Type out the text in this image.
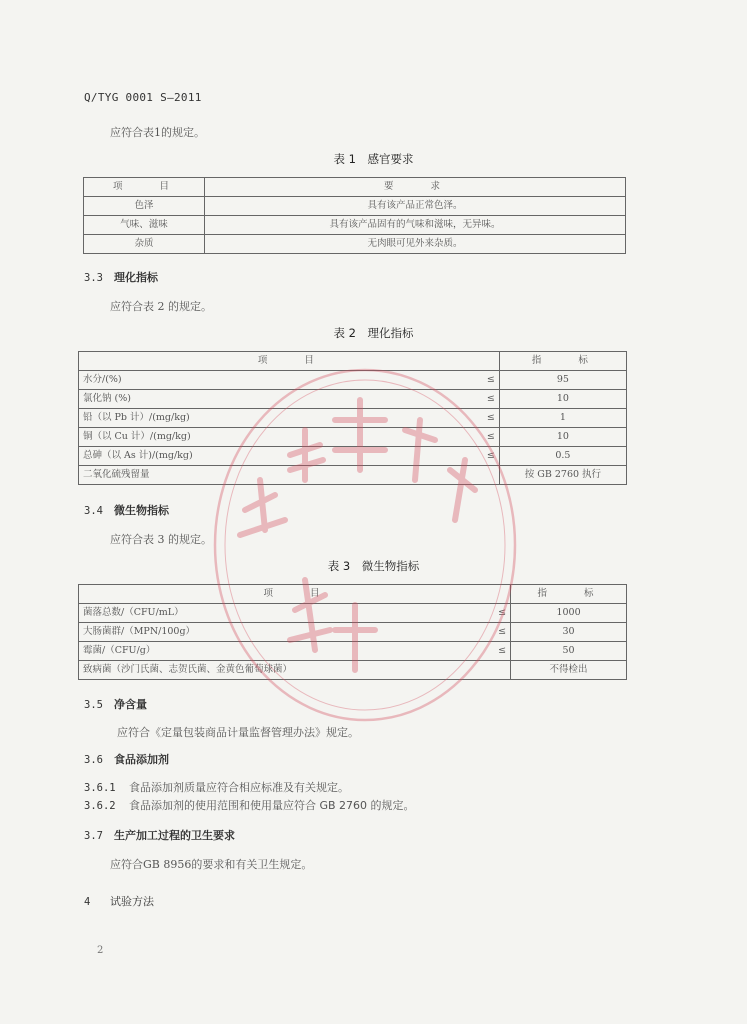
Q/TYG 0001 S—2011
应符合表1的规定。
表 1　感官要求
项　　目	要　　求
色泽	具有该产品正常色泽。
气味、滋味	具有该产品固有的气味和滋味，无异味。
杂质	无肉眼可见外来杂质。
3.3 理化指标
应符合表 2 的规定。
表 2　理化指标
项　　目		指　　标
水分/(%)	≤	95
氯化钠 (%)	≤	10
铅（以 Pb 计）/(mg/kg)	≤	1
铜（以 Cu 计）/(mg/kg)	≤	10
总砷（以 As 计)/(mg/kg)	≤	0.5
二氧化硫残留量		按 GB 2760 执行
3.4 微生物指标
应符合表 3 的规定。
表 3　微生物指标
项　　目		指　　标
菌落总数/（CFU/mL）	≤	1000
大肠菌群/（MPN/100g）	≤	30
霉菌/（CFU/g）	≤	50
致病菌（沙门氏菌、志贺氏菌、金黄色葡萄球菌）		不得检出
3.5 净含量
应符合《定量包装商品计量监督管理办法》规定。
3.6 食品添加剂
3.6.1 食品添加剂质量应符合相应标准及有关规定。
3.6.2 食品添加剂的使用范围和使用量应符合 GB 2760 的规定。
3.7 生产加工过程的卫生要求
应符合GB 8956的要求和有关卫生规定。
4 试验方法
2
